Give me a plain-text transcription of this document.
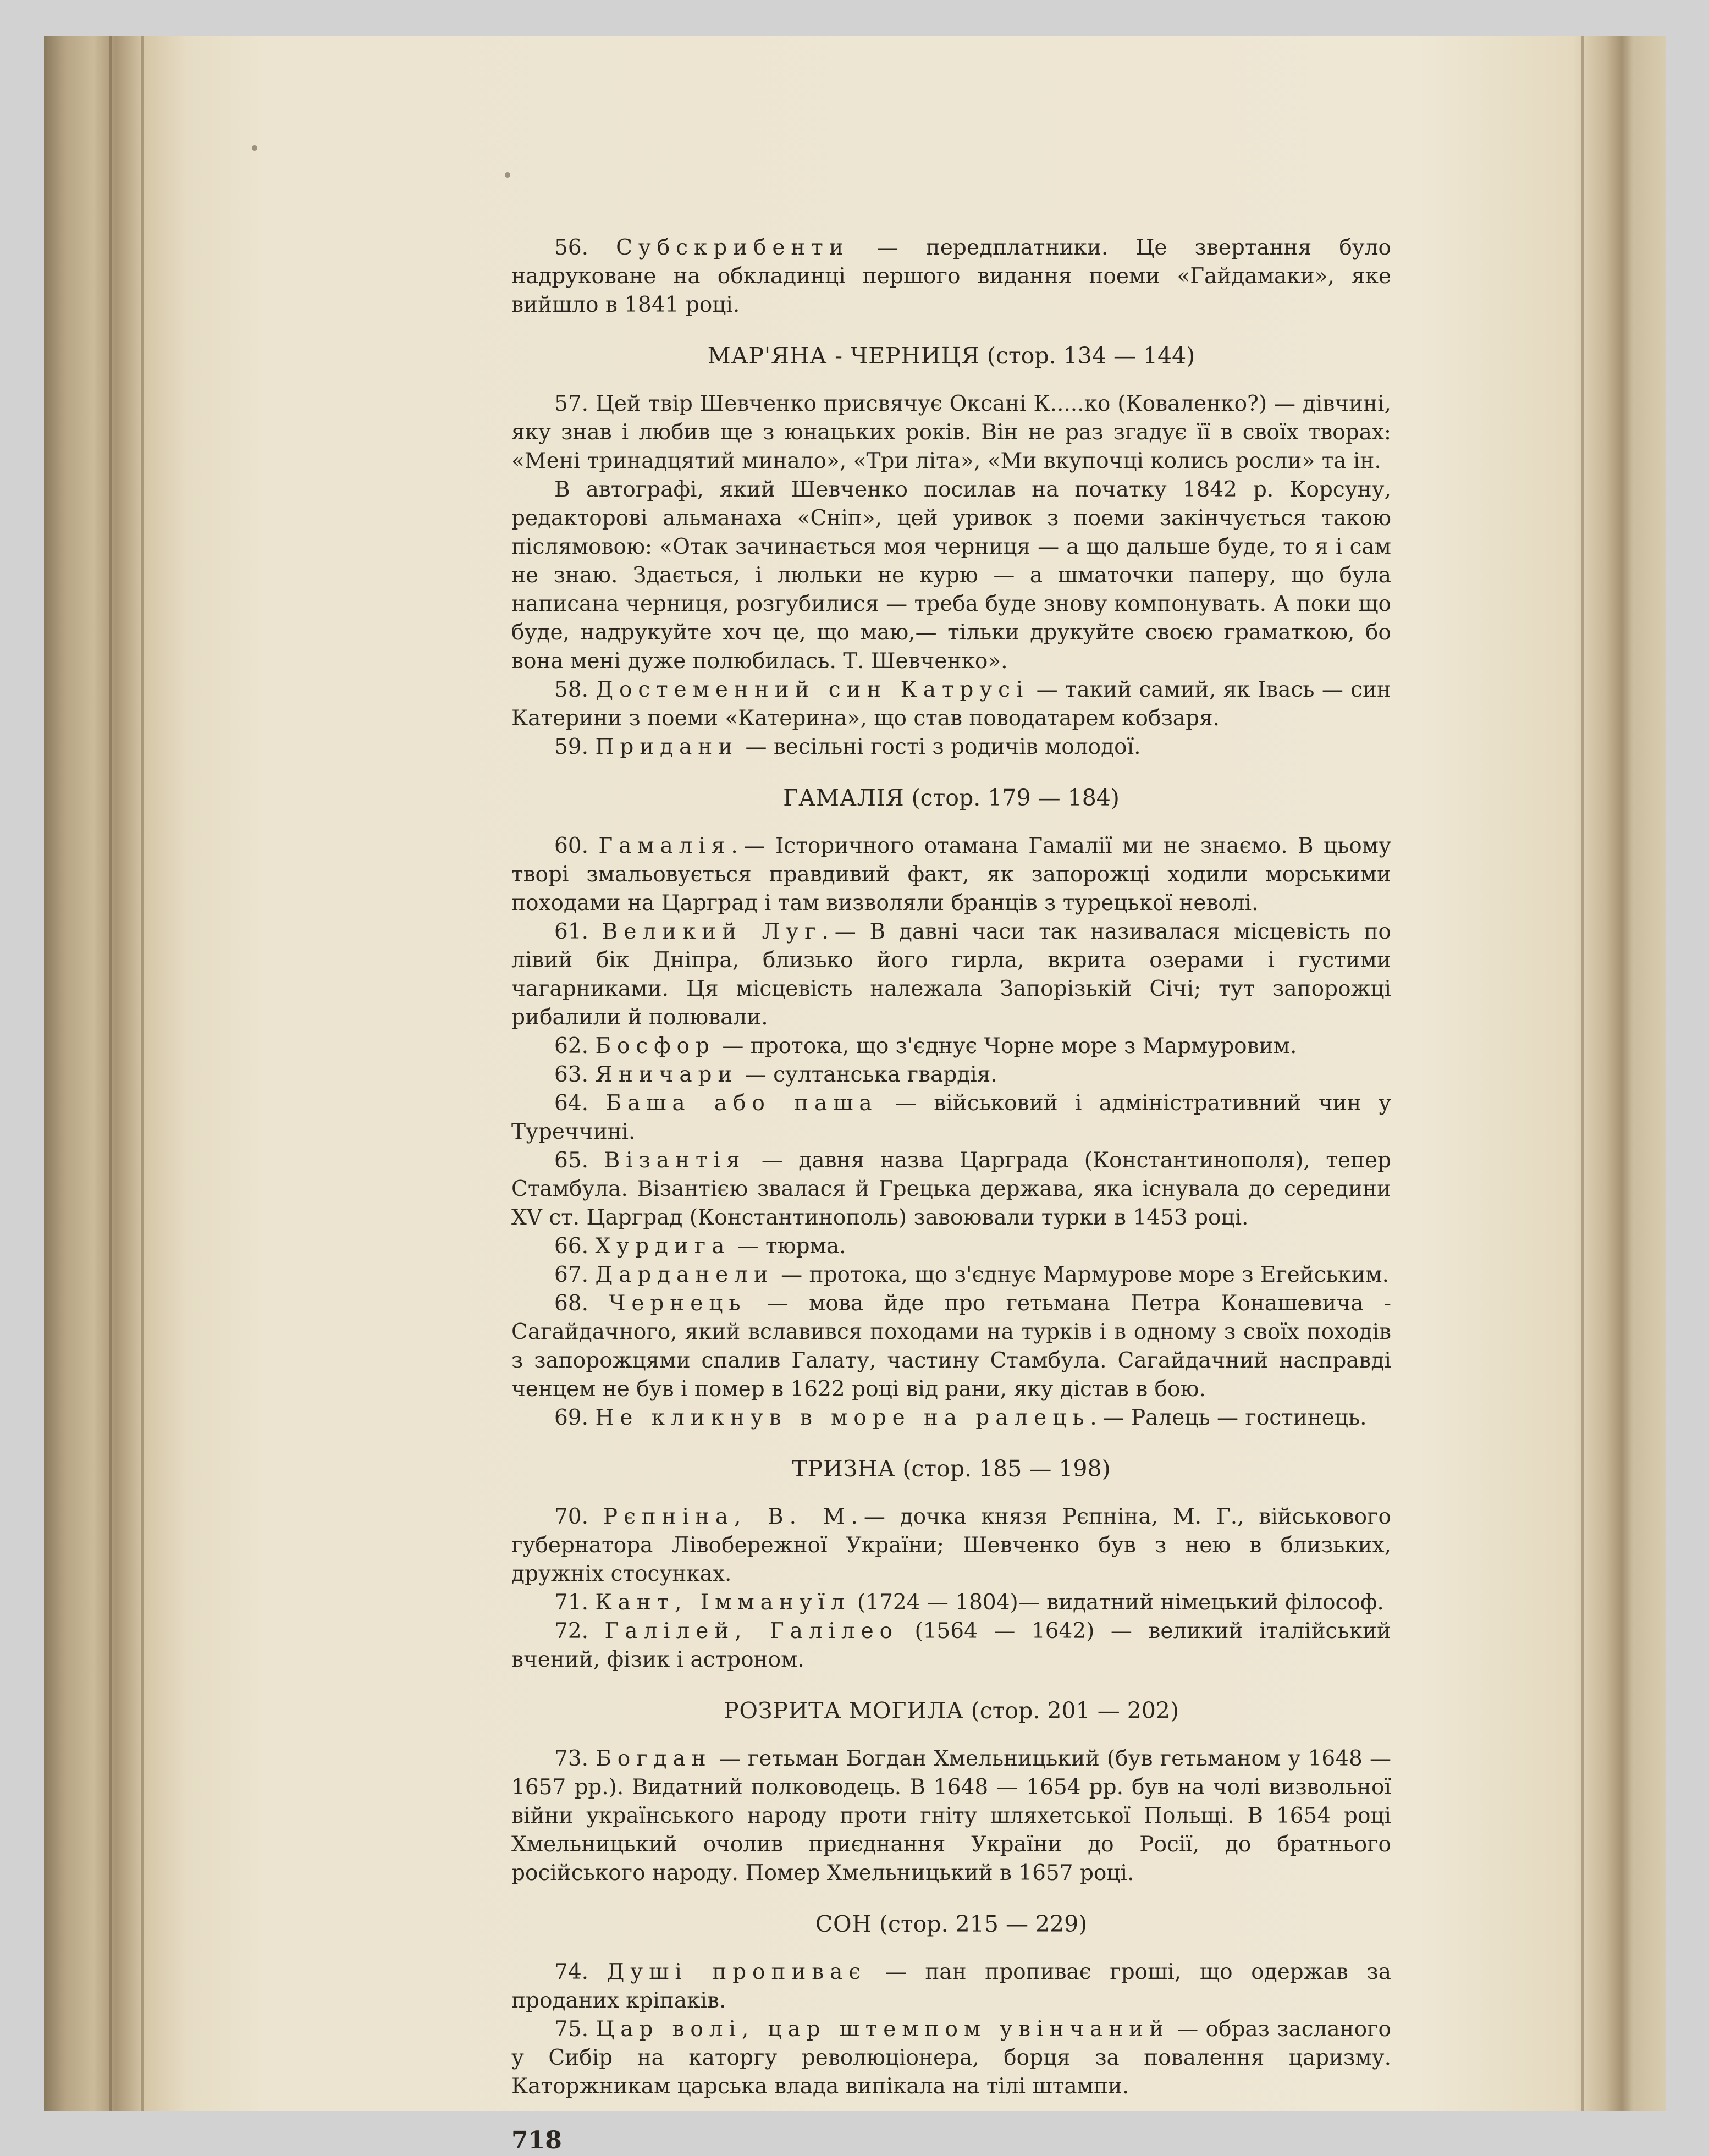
56. Субскрибенти — передплатники. Це звертання було надруковане на обкладинці першого видання поеми «Гайдамаки», яке вийшло в 1841 році.

МАР'ЯНА - ЧЕРНИЦЯ (стор. 134 — 144)

57. Цей твір Шевченко присвячує Оксані К.....ко (Коваленко?) — дівчині, яку знав і любив ще з юнацьких років. Він не раз згадує її в своїх творах: «Мені тринадцятий минало», «Три літа», «Ми вкупочці колись росли» та ін.

В автографі, який Шевченко посилав на початку 1842 р. Корсуну, редакторові альманаха «Сніп», цей уривок з поеми закінчується такою післямовою: «Отак зачинається моя черниця — а що дальше буде, то я і сам не знаю. Здається, і люльки не курю — а шматочки паперу, що була написана черниця, розгубилися — треба буде знову компонувать. А поки що буде, надрукуйте хоч це, що маю,— тільки друкуйте своєю граматкою, бо вона мені дуже полюбилась. Т. Шевченко».

58. Достеменний син Катрусі — такий самий, як Івась — син Катерини з поеми «Катерина», що став поводатарем кобзаря.

59. Придани — весільні гості з родичів молодої.

ГАМАЛІЯ (стор. 179 — 184)

60. Гамалія.— Історичного отамана Гамалії ми не знаємо. В цьому творі змальовується правдивий факт, як запорожці ходили морськими походами на Царград і там визволяли бранців з турецької неволі.

61. Великий Луг.— В давні часи так називалася місцевість по лівий бік Дніпра, близько його гирла, вкрита озерами і густими чагарниками. Ця місцевість належала Запорізькій Січі; тут запорожці рибалили й полювали.

62. Босфор — протока, що з'єднує Чорне море з Мармуровим.

63. Яничари — султанська гвардія.

64. Баша або паша — військовий і адміністративний чин у Туреччині.

65. Візантія — давня назва Царграда (Константинополя), тепер Стамбула. Візантією звалася й Грецька держава, яка існувала до середини XV ст. Царград (Константинополь) завоювали турки в 1453 році.

66. Хурдига — тюрма.

67. Дарданели — протока, що з'єднує Мармурове море з Егейським.

68. Чернець — мова йде про гетьмана Петра Конашевича - Сагайдачного, який вславився походами на турків і в одному з своїх походів з запорожцями спалив Галату, частину Стамбула. Сагайдачний насправді ченцем не був і помер в 1622 році від рани, яку дістав в бою.

69. Не кликнув в море на ралець.— Ралець — гостинець.

ТРИЗНА (стор. 185 — 198)

70. Рєпніна, В. М.— дочка князя Рєпніна, М. Г., військового губернатора Лівобережної України; Шевченко був з нею в близьких, дружніх стосунках.

71. Кант, Іммануїл (1724 — 1804)— видатний німецький філософ.

72. Галілей, Галілео (1564 — 1642) — великий італійський вчений, фізик і астроном.

РОЗРИТА МОГИЛА (стор. 201 — 202)

73. Богдан — гетьман Богдан Хмельницький (був гетьманом у 1648 — 1657 рр.). Видатний полководець. В 1648 — 1654 рр. був на чолі визвольної війни українського народу проти гніту шляхетської Польщі. В 1654 році Хмельницький очолив приєднання України до Росії, до братнього російського народу. Помер Хмельницький в 1657 році.

СОН (стор. 215 — 229)

74. Душі пропиває — пан пропиває гроші, що одержав за проданих кріпаків.

75. Цар волі, цар штемпом увінчаний — образ засланого у Сибір на каторгу революціонера, борця за повалення царизму. Каторжникам царська влада випікала на тілі штампи.

718
